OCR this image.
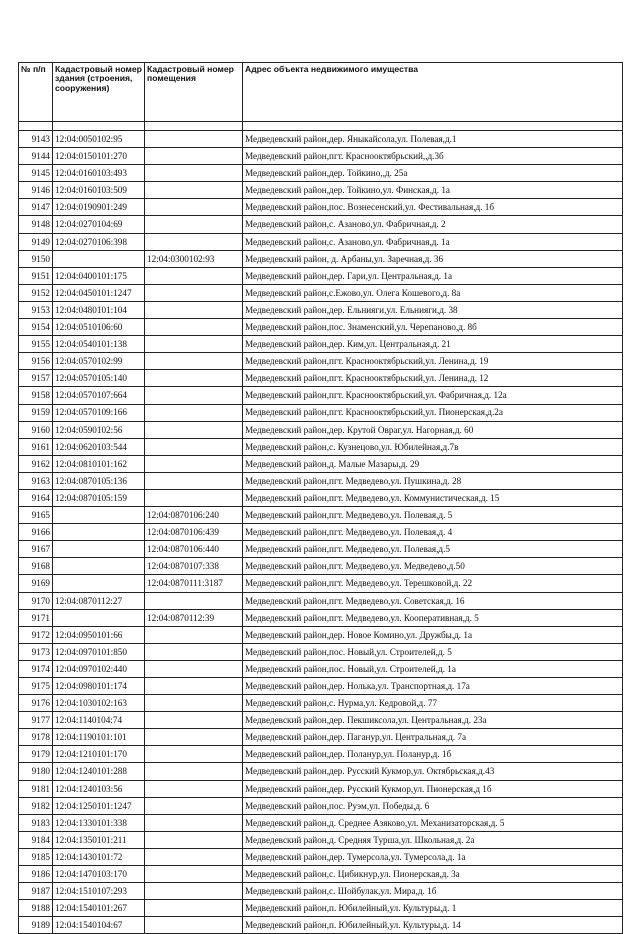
№ п/п	Кадастровый номер здания (строения, сооружения)	Кадастровый номер помещения	Адрес объекта недвижимого имущества

9143	12:04:0050102:95		Медведевский район,дер. Яныкайсола,ул. Полевая,д.1
9144	12:04:0150101:270		Медведевский район,пгт. Краснооктябрьский,,д.3б
9145	12:04:0160103:493		Медведевский район,дер. Тойкино,,д. 25а
9146	12:04:0160103:509		Медведевский район,дер. Тойкино,ул. Финская,д. 1а
9147	12:04:0190901:249		Медведевский район,пос. Вознесенский,ул. Фестивальная,д. 1б
9148	12:04:0270104:69		Медведевский район,с. Азаново,ул. Фабричная,д. 2
9149	12:04:0270106:398		Медведевский район,с. Азаново,ул. Фабричная,д. 1а
9150		12:04:0300102:93	Медведевский район, д. Арбаны,ул. Заречная,д. 36
9151	12:04:0400101:175		Медведевский район,дер. Гари,ул. Центральная,д. 1а
9152	12:04:0450101:1247		Медведевский район,с.Ежово,ул. Олега Кошевого,д. 8а
9153	12:04:0480101:104		Медведевский район,дер. Ельнияги,ул. Ельнияги,д. 38
9154	12:04:0510106:60		Медведевский район,пос. Знаменский,ул. Черепаново,д. 8б
9155	12:04:0540101:138		Медведевский район,дер. Ким,ул. Центральная,д. 21
9156	12:04:0570102:99		Медведевский район,пгт. Краснооктябрьский,ул. Ленина,д. 19
9157	12:04:0570105:140		Медведевский район,пгт. Краснооктябрьский,ул. Ленина,д. 12
9158	12:04:0570107:664		Медведевский район,пгт. Краснооктябрьский,ул. Фабричная,д. 12а
9159	12:04:0570109:166		Медведевский район,пгт. Краснооктябрьский,ул. Пионерская,д.2а
9160	12:04:0590102:56		Медведевский район,дер. Крутой Овраг,ул. Нагорная,д. 60
9161	12:04:0620103:544		Медведевский район,с. Кузнецово,ул. Юбилейная,д.7в
9162	12:04:0810101:162		Медведевский район,д. Малые Мазары,д. 29
9163	12:04:0870105:136		Медведевский район,пгт. Медведево,ул. Пушкина,д. 28
9164	12:04:0870105:159		Медведевский район,пгт. Медведево,ул. Коммунистическая,д. 15
9165		12:04:0870106:240	Медведевский район,пгт. Медведево,ул. Полевая,д. 5
9166		12:04:0870106:439	Медведевский район,пгт. Медведево,ул. Полевая,д. 4
9167		12:04:0870106:440	Медведевский район,пгт. Медведево,ул. Полевая,д.5
9168		12:04:0870107:338	Медведевский район,пгт. Медведево,ул. Медведево,д.50
9169		12:04:0870111:3187	Медведевский район,пгт. Медведево,ул. Терешковой,д. 22
9170	12:04:0870112:27		Медведевский район,пгт. Медведево,ул. Советская,д. 16
9171		12:04:0870112:39	Медведевский район,пгт. Медведево,ул. Кооперативная,д. 5
9172	12:04:0950101:66		Медведевский район,дер. Новое Комино,ул. Дружбы,д. 1а
9173	12:04:0970101:850		Медведевский район,пос. Новый,ул. Строителей,д. 5
9174	12:04:0970102:440		Медведевский район,пос. Новый,ул. Строителей,д. 1а
9175	12:04:0980101:174		Медведевский район,дер. Нолька,ул. Транспортная,д. 17а
9176	12:04:1030102:163		Медведевский район,с. Нурма,ул. Кедровой,д. 77
9177	12:04:1140104:74		Медведевский район,дер. Пекшиксола,ул. Центральная,д. 23а
9178	12:04:1190101:101		Медведевский район,дер. Паганур,ул. Центральная,д. 7а
9179	12:04:1210101:170		Медведевский район,дер. Поланур,ул. Поланур,д. 1б
9180	12:04:1240101:288		Медведевский район,дер. Русский Кукмор,ул. Октябрьская,д.43
9181	12:04:1240103:56		Медведевский район,дер. Русский Кукмор,ул. Пионерская,д 1б
9182	12:04:1250101:1247		Медведевский район,пос. Руэм,ул. Победы,д. 6
9183	12:04:1330101:338		Медведевский район,д. Среднее Азяково,ул. Механизаторская,д. 5
9184	12:04:1350101:211		Медведевский район,д. Средняя Турша,ул. Школьная,д. 2а
9185	12:04:1430101:72		Медведевский район,дер. Тумерсола,ул. Тумерсола,д. 1а
9186	12:04:1470103:170		Медведевский район,с. Цибикнур,ул. Пионерская,д. 3а
9187	12:04:1510107:293		Медведевский район,с. Шойбулак,ул. Мира,д. 1б
9188	12:04:1540101:267		Медведевский район,п. Юбилейный,ул. Культуры,д. 1
9189	12:04:1540104:67		Медведевский район,п. Юбилейный,ул. Культуры,д. 14
